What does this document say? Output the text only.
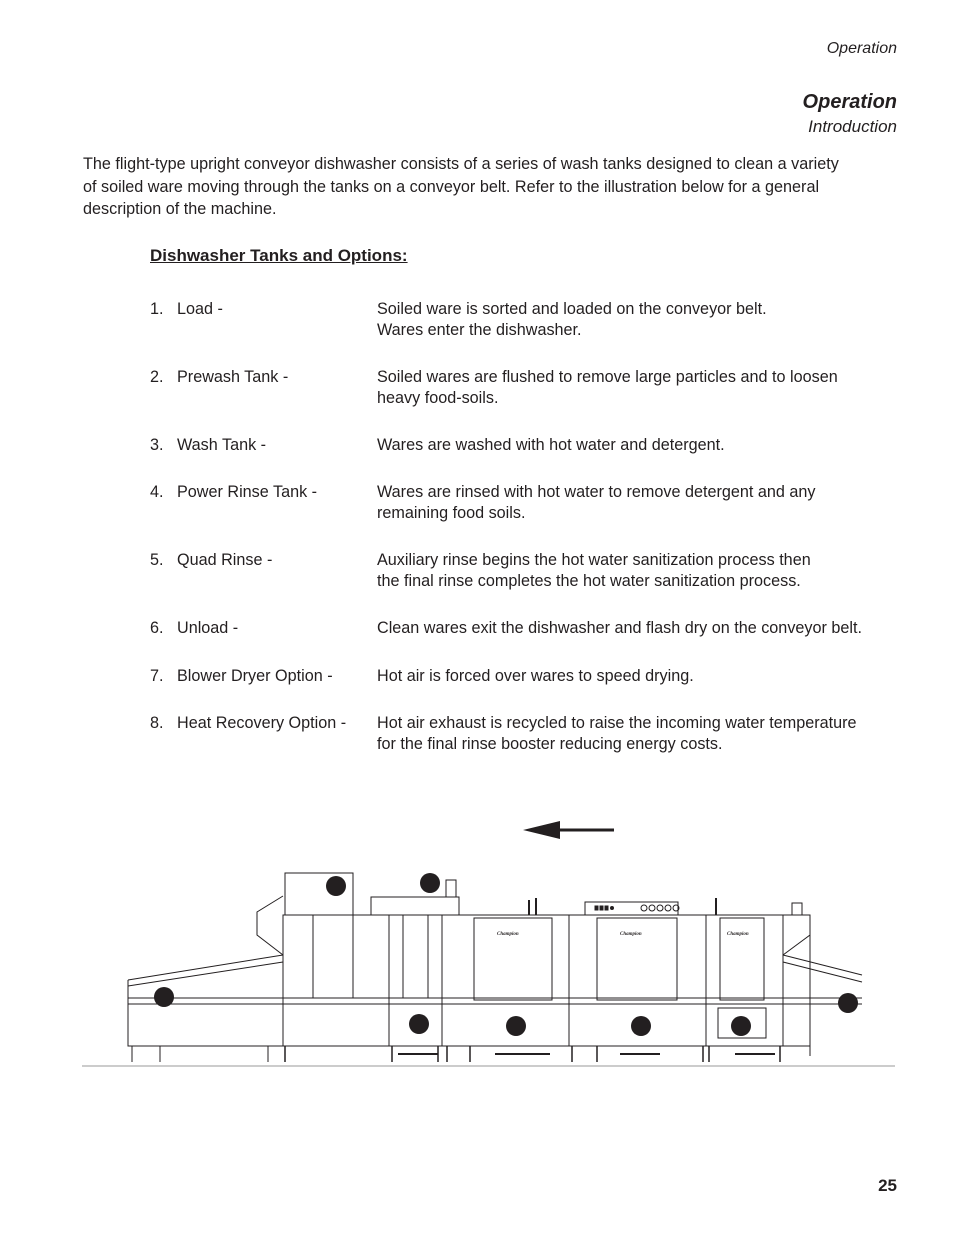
Operation
Operation
Introduction

The flight-type upright conveyor dishwasher consists of a series of wash tanks designed to clean a variety
of soiled ware moving through the tanks on a conveyor belt. Refer to the illustration below for a general
description of the machine.

Dishwasher Tanks and Options:
1. Load -	Soiled ware is sorted and loaded on the conveyor belt.
Wares enter the dishwasher.
2. Prewash Tank -	Soiled wares are flushed to remove large particles and to loosen
heavy food-soils.
3. Wash Tank -	Wares are washed with hot water and detergent.
4. Power Rinse Tank -	Wares are rinsed with hot water to remove detergent and any
remaining food soils.
5. Quad Rinse -	Auxiliary rinse begins the hot water sanitization process then
the final rinse completes the hot water sanitization process.
6. Unload -	Clean wares exit the dishwasher and flash dry on the conveyor belt.
7. Blower Dryer Option -	Hot air is forced over wares to speed drying.
8. Heat Recovery Option - Hot air exhaust is recycled to raise the incoming water temperature
for the final rinse booster reducing energy costs.
Champion	Champion	Champion
25
